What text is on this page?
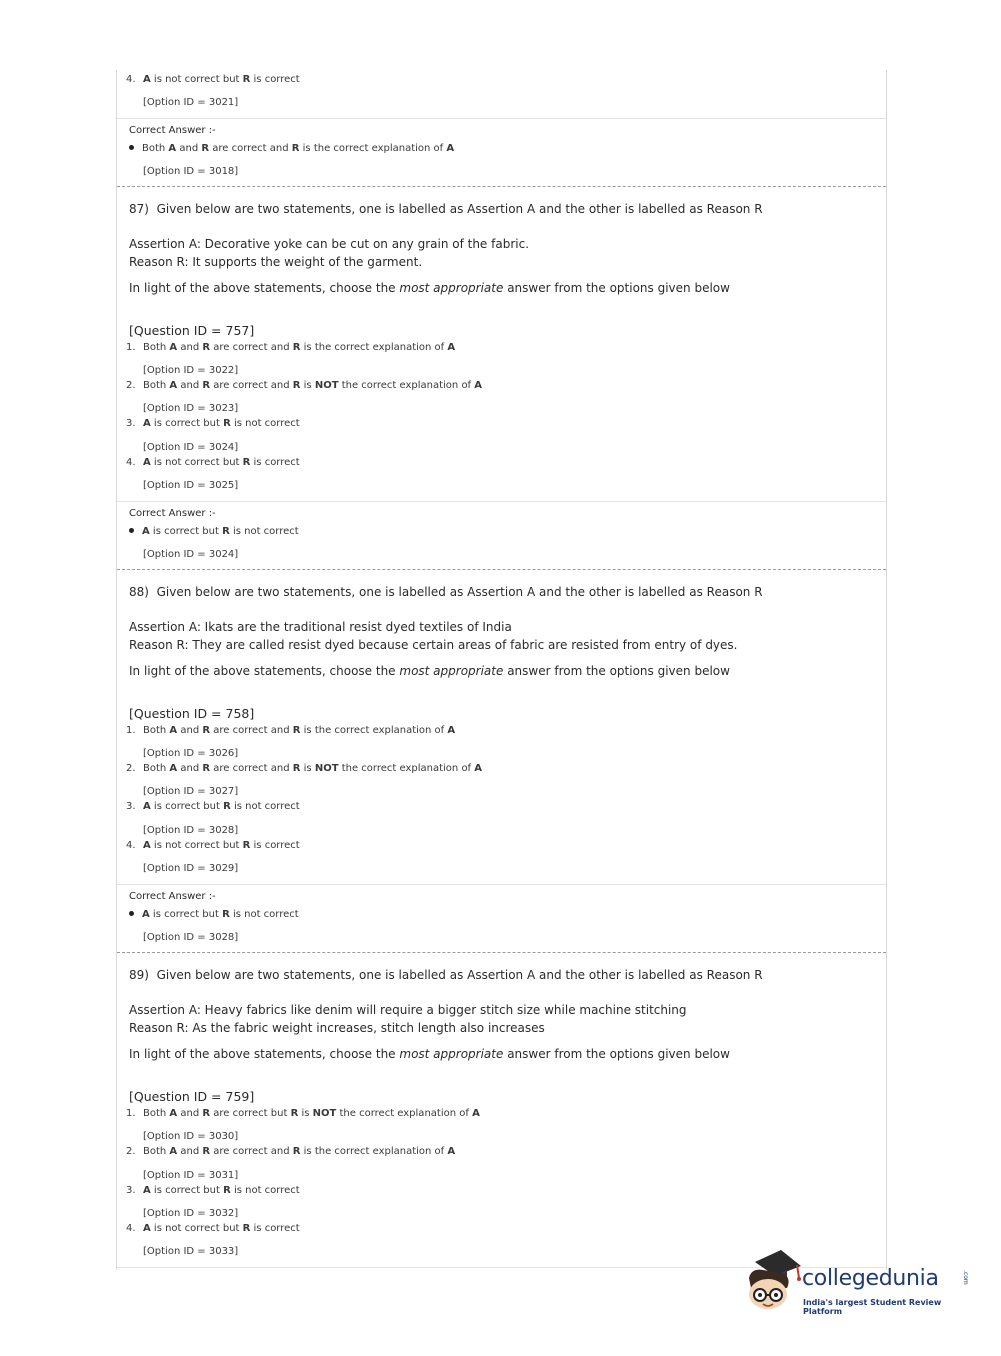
4. A is not correct but R is correct
[Option ID = 3021]
Correct Answer :-
Both A and R are correct and R is the correct explanation of A
[Option ID = 3018]
87) Given below are two statements, one is labelled as Assertion A and the other is labelled as Reason R
Assertion A: Decorative yoke can be cut on any grain of the fabric.
Reason R: It supports the weight of the garment.
In light of the above statements, choose the most appropriate answer from the options given below
[Question ID = 757]
1. Both A and R are correct and R is the correct explanation of A
[Option ID = 3022]
2. Both A and R are correct and R is NOT the correct explanation of A
[Option ID = 3023]
3. A is correct but R is not correct
[Option ID = 3024]
4. A is not correct but R is correct
[Option ID = 3025]
Correct Answer :-
A is correct but R is not correct
[Option ID = 3024]
88) Given below are two statements, one is labelled as Assertion A and the other is labelled as Reason R
Assertion A: Ikats are the traditional resist dyed textiles of India
Reason R: They are called resist dyed because certain areas of fabric are resisted from entry of dyes.
In light of the above statements, choose the most appropriate answer from the options given below
[Question ID = 758]
1. Both A and R are correct and R is the correct explanation of A
[Option ID = 3026]
2. Both A and R are correct and R is NOT the correct explanation of A
[Option ID = 3027]
3. A is correct but R is not correct
[Option ID = 3028]
4. A is not correct but R is correct
[Option ID = 3029]
Correct Answer :-
A is correct but R is not correct
[Option ID = 3028]
89) Given below are two statements, one is labelled as Assertion A and the other is labelled as Reason R
Assertion A: Heavy fabrics like denim will require a bigger stitch size while machine stitching
Reason R: As the fabric weight increases, stitch length also increases
In light of the above statements, choose the most appropriate answer from the options given below
[Question ID = 759]
1. Both A and R are correct but R is NOT the correct explanation of A
[Option ID = 3030]
2. Both A and R are correct and R is the correct explanation of A
[Option ID = 3031]
3. A is correct but R is not correct
[Option ID = 3032]
4. A is not correct but R is correct
[Option ID = 3033]
collegedunia	.com
India's largest Student Review Platform
